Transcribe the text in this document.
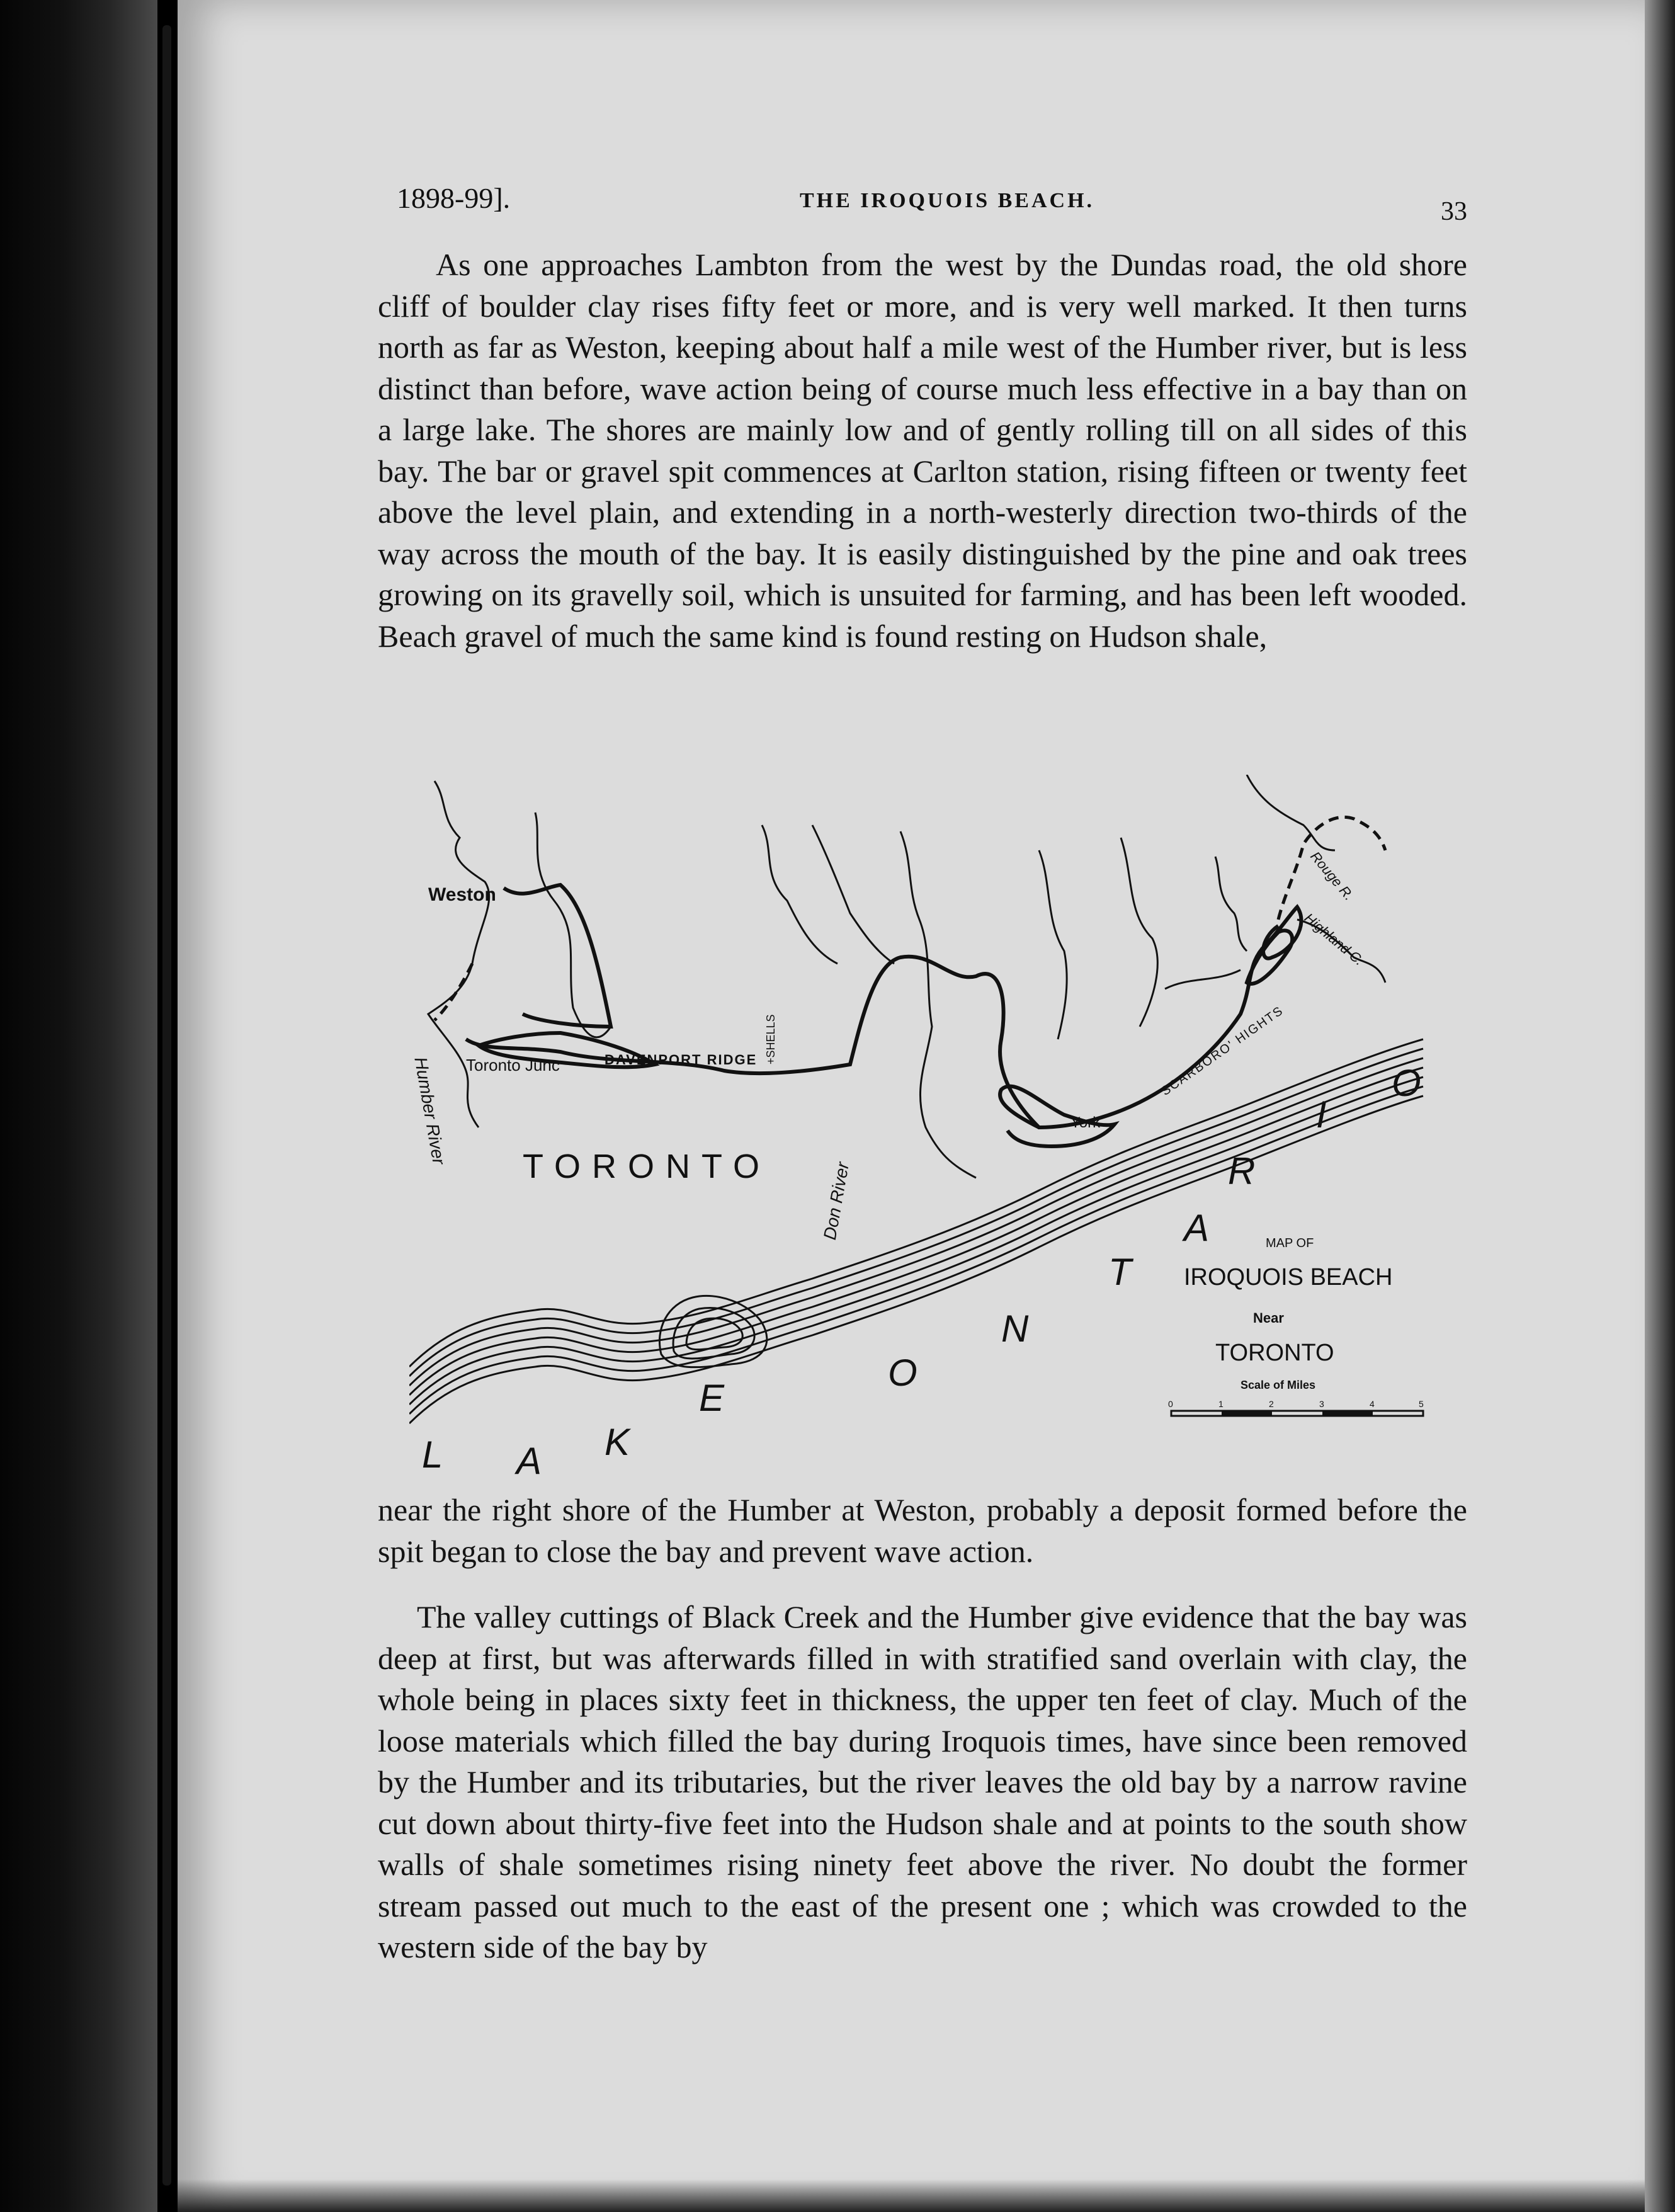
1898-99].	THE IROQUOIS BEACH.	33
As one approaches Lambton from the west by the Dundas road, the old shore cliff of boulder clay rises fifty feet or more, and is very well marked. It then turns north as far as Weston, keeping about half a mile west of the Humber river, but is less distinct than before, wave action being of course much less effective in a bay than on a large lake. The shores are mainly low and of gently rolling till on all sides of this bay. The bar or gravel spit commences at Carlton station, rising fifteen or twenty feet above the level plain, and extending in a north-westerly direction two-thirds of the way across the mouth of the bay. It is easily distinguished by the pine and oak trees growing on its gravelly soil, which is unsuited for farming, and has been left wooded. Beach gravel of much the same kind is found resting on Hudson shale,
Weston
Humber River Toronto Junc	DAVENPORT RIDGE +SHELLS
TORONTO	Don River
York
SCARBORO' HIGHTS
Rouge R.
Highland C.
L A K
E
O
N
T
A
R
I
O
MAP OF
IROQUOIS BEACH
Near
TORONTO
Scale of Miles
0	1	2	3	4	5
near the right shore of the Humber at Weston, probably a deposit formed before the spit began to close the bay and prevent wave action.
The valley cuttings of Black Creek and the Humber give evidence that the bay was deep at first, but was afterwards filled in with stratified sand overlain with clay, the whole being in places sixty feet in thickness, the upper ten feet of clay. Much of the loose materials which filled the bay during Iroquois times, have since been removed by the Humber and its tributaries, but the river leaves the old bay by a narrow ravine cut down about thirty-five feet into the Hudson shale and at points to the south show walls of shale sometimes rising ninety feet above the river. No doubt the former stream passed out much to the east of the present one ; which was crowded to the western side of the bay by
